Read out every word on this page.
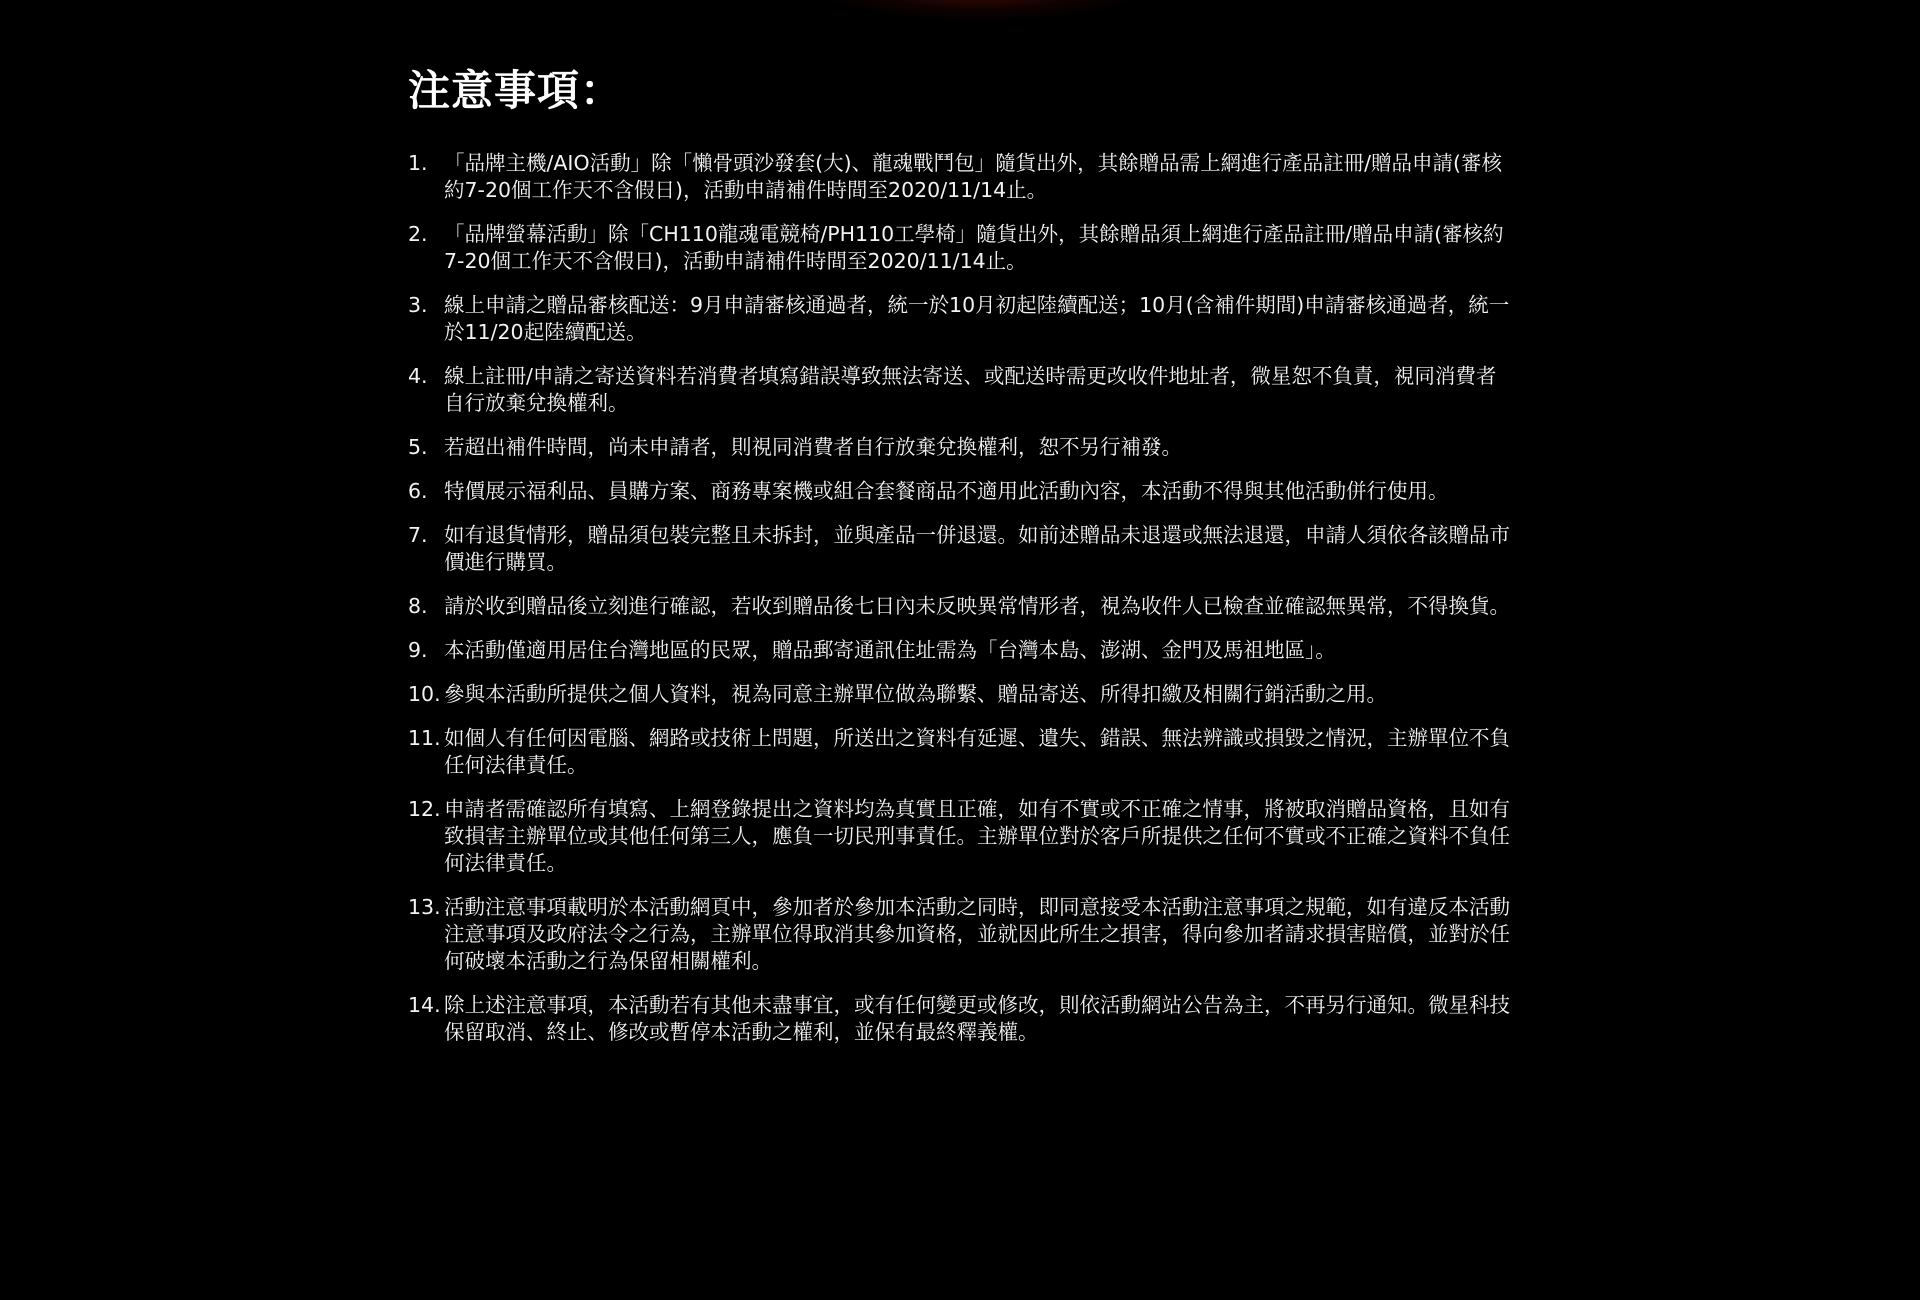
注意事項：
1. 「品牌主機/AIO活動」除「懶骨頭沙發套(大)、龍魂戰鬥包」隨貨出外，其餘贈品需上網進行產品註冊/贈品申請(審核約7-20個工作天不含假日)，活動申請補件時間至2020/11/14止。
2. 「品牌螢幕活動」除「CH110龍魂電競椅/PH110工學椅」隨貨出外，其餘贈品須上網進行產品註冊/贈品申請(審核約7-20個工作天不含假日)，活動申請補件時間至2020/11/14止。
3. 線上申請之贈品審核配送：9月申請審核通過者，統一於10月初起陸續配送；10月(含補件期間)申請審核通過者，統一於11/20起陸續配送。
4. 線上註冊/申請之寄送資料若消費者填寫錯誤導致無法寄送、或配送時需更改收件地址者，微星恕不負責，視同消費者自行放棄兌換權利。
5. 若超出補件時間，尚未申請者，則視同消費者自行放棄兌換權利，恕不另行補發。
6. 特價展示福利品、員購方案、商務專案機或組合套餐商品不適用此活動內容，本活動不得與其他活動併行使用。
7. 如有退貨情形，贈品須包裝完整且未拆封，並與產品一併退還。如前述贈品未退還或無法退還，申請人須依各該贈品市價進行購買。
8. 請於收到贈品後立刻進行確認，若收到贈品後七日內未反映異常情形者，視為收件人已檢查並確認無異常，不得換貨。
9. 本活動僅適用居住台灣地區的民眾，贈品郵寄通訊住址需為「台灣本島、澎湖、金門及馬祖地區」。
10. 參與本活動所提供之個人資料，視為同意主辦單位做為聯繫、贈品寄送、所得扣繳及相關行銷活動之用。
11. 如個人有任何因電腦、網路或技術上問題，所送出之資料有延遲、遺失、錯誤、無法辨識或損毀之情況，主辦單位不負任何法律責任。
12. 申請者需確認所有填寫、上網登錄提出之資料均為真實且正確，如有不實或不正確之情事，將被取消贈品資格，且如有致損害主辦單位或其他任何第三人，應負一切民刑事責任。主辦單位對於客戶所提供之任何不實或不正確之資料不負任何法律責任。
13. 活動注意事項載明於本活動網頁中，參加者於參加本活動之同時，即同意接受本活動注意事項之規範，如有違反本活動注意事項及政府法令之行為，主辦單位得取消其參加資格，並就因此所生之損害，得向參加者請求損害賠償，並對於任何破壞本活動之行為保留相關權利。
14. 除上述注意事項，本活動若有其他未盡事宜，或有任何變更或修改，則依活動網站公告為主，不再另行通知。微星科技保留取消、終止、修改或暫停本活動之權利，並保有最終釋義權。
